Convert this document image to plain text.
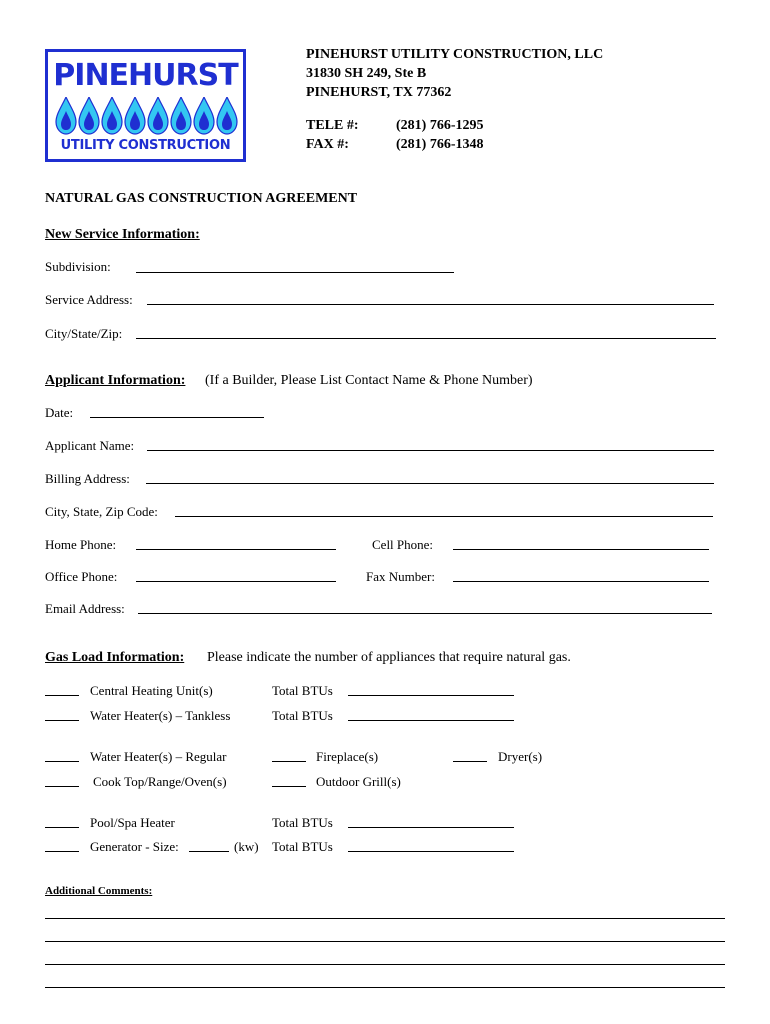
PINEHURST
UTILITY CONSTRUCTION
PINEHURST UTILITY CONSTRUCTION, LLC
31830 SH 249, Ste B
PINEHURST, TX 77362
TELE #:	(281) 766-1295
FAX #:	(281) 766-1348
NATURAL GAS CONSTRUCTION AGREEMENT
New Service Information:
Subdivision:
Service Address:
City/State/Zip:
Applicant Information: (If a Builder, Please List Contact Name & Phone Number)
Date:
Applicant Name:
Billing Address:
City, State, Zip Code:
Home Phone:	Cell Phone:
Office Phone:	Fax Number:
Email Address:
Gas Load Information: Please indicate the number of appliances that require natural gas.
Central Heating Unit(s)	Total BTUs
Water Heater(s) – Tankless	Total BTUs
Water Heater(s) – Regular	Fireplace(s)	Dryer(s)
Cook Top/Range/Oven(s)	Outdoor Grill(s)
Pool/Spa Heater	Total BTUs
Generator - Size:	(kw) Total BTUs
Additional Comments:
